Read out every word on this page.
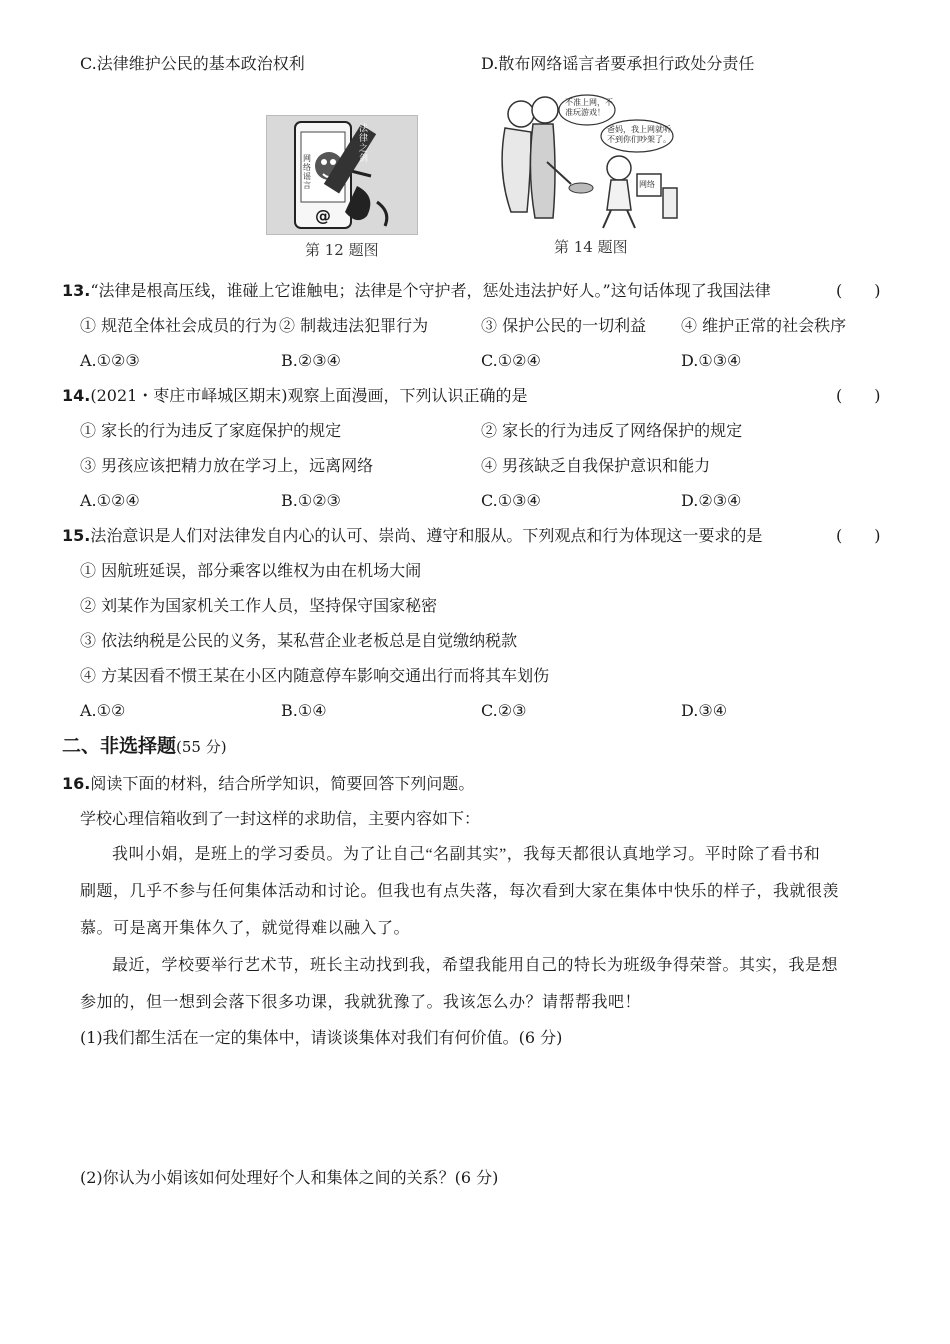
C.法律维护公民的基本政治权利	D.散布网络谣言者要承担行政处分责任
网络谣言
法律之剑
@
第 12 题图
不准上网，不
准玩游戏！
爸妈，我上网就听
不到你们吵架了。
网络
第 14 题图
13.“法律是根高压线，谁碰上它谁触电；法律是个守护者，惩处违法护好人。”这句话体现了我国法律	(　　)
① 规范全体社会成员的行为 ② 制裁违法犯罪行为	③ 保护公民的一切利益 ④ 维护正常的社会秩序
A.①②③	B.②③④	C.①②④	D.①③④
14.(2021・枣庄市峄城区期末)观察上面漫画，下列认识正确的是	(　　)
① 家长的行为违反了家庭保护的规定	② 家长的行为违反了网络保护的规定
③ 男孩应该把精力放在学习上，远离网络	④ 男孩缺乏自我保护意识和能力
A.①②④	B.①②③	C.①③④	D.②③④
15.法治意识是人们对法律发自内心的认可、崇尚、遵守和服从。下列观点和行为体现这一要求的是	(　　)
① 因航班延误，部分乘客以维权为由在机场大闹
② 刘某作为国家机关工作人员，坚持保守国家秘密
③ 依法纳税是公民的义务，某私营企业老板总是自觉缴纳税款
④ 方某因看不惯王某在小区内随意停车影响交通出行而将其车划伤
A.①②	B.①④	C.②③	D.③④
二、非选择题(55 分)
16.阅读下面的材料，结合所学知识，简要回答下列问题。
学校心理信箱收到了一封这样的求助信，主要内容如下：
我叫小娟，是班上的学习委员。为了让自己“名副其实”，我每天都很认真地学习。平时除了看书和
刷题，几乎不参与任何集体活动和讨论。但我也有点失落，每次看到大家在集体中快乐的样子，我就很羡
慕。可是离开集体久了，就觉得难以融入了。
最近，学校要举行艺术节，班长主动找到我，希望我能用自己的特长为班级争得荣誉。其实，我是想
参加的，但一想到会落下很多功课，我就犹豫了。我该怎么办？请帮帮我吧！
(1)我们都生活在一定的集体中，请谈谈集体对我们有何价值。(6 分)
(2)你认为小娟该如何处理好个人和集体之间的关系？(6 分)
